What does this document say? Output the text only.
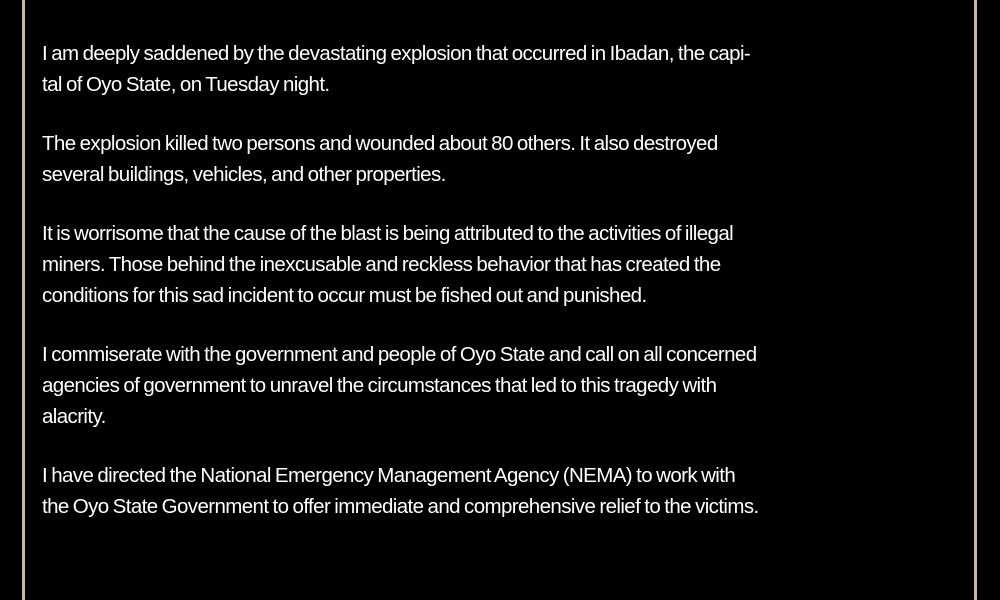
I am deeply saddened by the devastating explosion that occurred in Ibadan, the capi-
tal of Oyo State, on Tuesday night.

The explosion killed two persons and wounded about 80 others. It also destroyed
several buildings, vehicles, and other properties.

It is worrisome that the cause of the blast is being attributed to the activities of illegal
miners. Those behind the inexcusable and reckless behavior that has created the
conditions for this sad incident to occur must be fished out and punished.

I commiserate with the government and people of Oyo State and call on all concerned
agencies of government to unravel the circumstances that led to this tragedy with
alacrity.

I have directed the National Emergency Management Agency (NEMA) to work with
the Oyo State Government to offer immediate and comprehensive relief to the victims.
